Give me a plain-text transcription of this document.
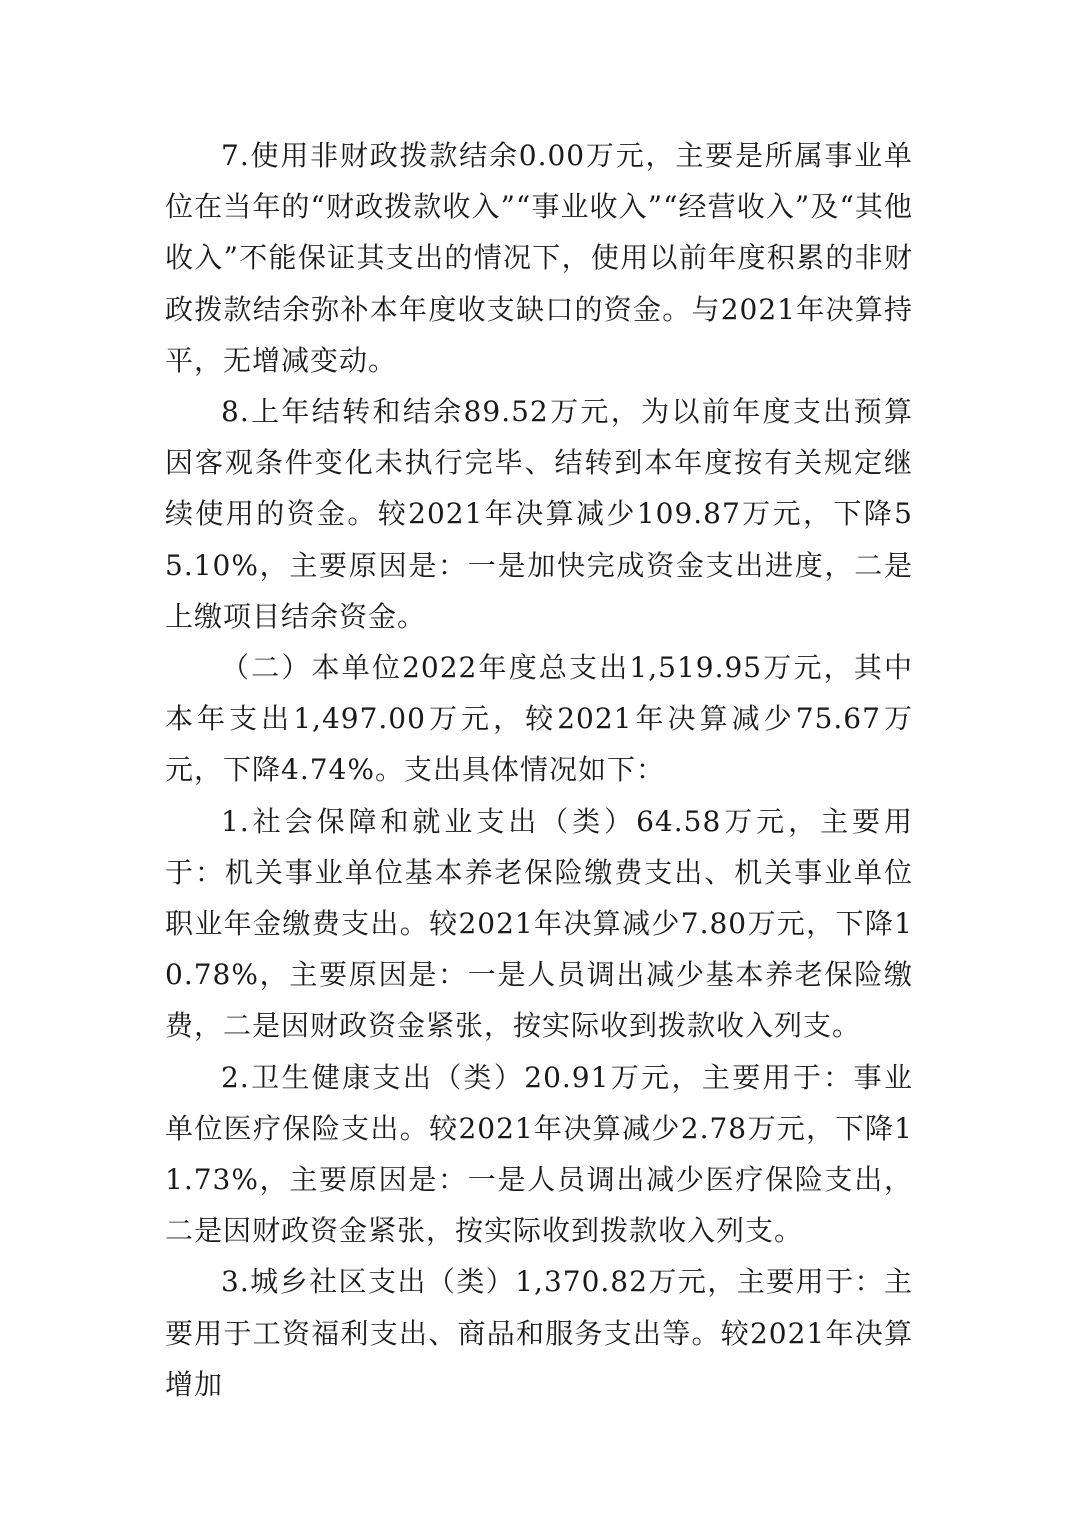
7.使用非财政拨款结余0.00万元，主要是所属事业单位在当年的“财政拨款收入”“事业收入”“经营收入”及“其他收入”不能保证其支出的情况下，使用以前年度积累的非财政拨款结余弥补本年度收支缺口的资金。与2021年决算持平，无增减变动。

8.上年结转和结余89.52万元，为以前年度支出预算因客观条件变化未执行完毕、结转到本年度按有关规定继续使用的资金。较2021年决算减少109.87万元，下降55.10%，主要原因是：一是加快完成资金支出进度，二是上缴项目结余资金。

（二）本单位2022年度总支出1,519.95万元，其中本年支出1,497.00万元，较2021年决算减少75.67万元，下降4.74%。支出具体情况如下：

1.社会保障和就业支出（类）64.58万元，主要用于：机关事业单位基本养老保险缴费支出、机关事业单位职业年金缴费支出。较2021年决算减少7.80万元，下降10.78%，主要原因是：一是人员调出减少基本养老保险缴费，二是因财政资金紧张，按实际收到拨款收入列支。

2.卫生健康支出（类）20.91万元，主要用于：事业单位医疗保险支出。较2021年决算减少2.78万元，下降11.73%，主要原因是：一是人员调出减少医疗保险支出，二是因财政资金紧张，按实际收到拨款收入列支。

3.城乡社区支出（类）1,370.82万元，主要用于：主要用于工资福利支出、商品和服务支出等。较2021年决算增加
